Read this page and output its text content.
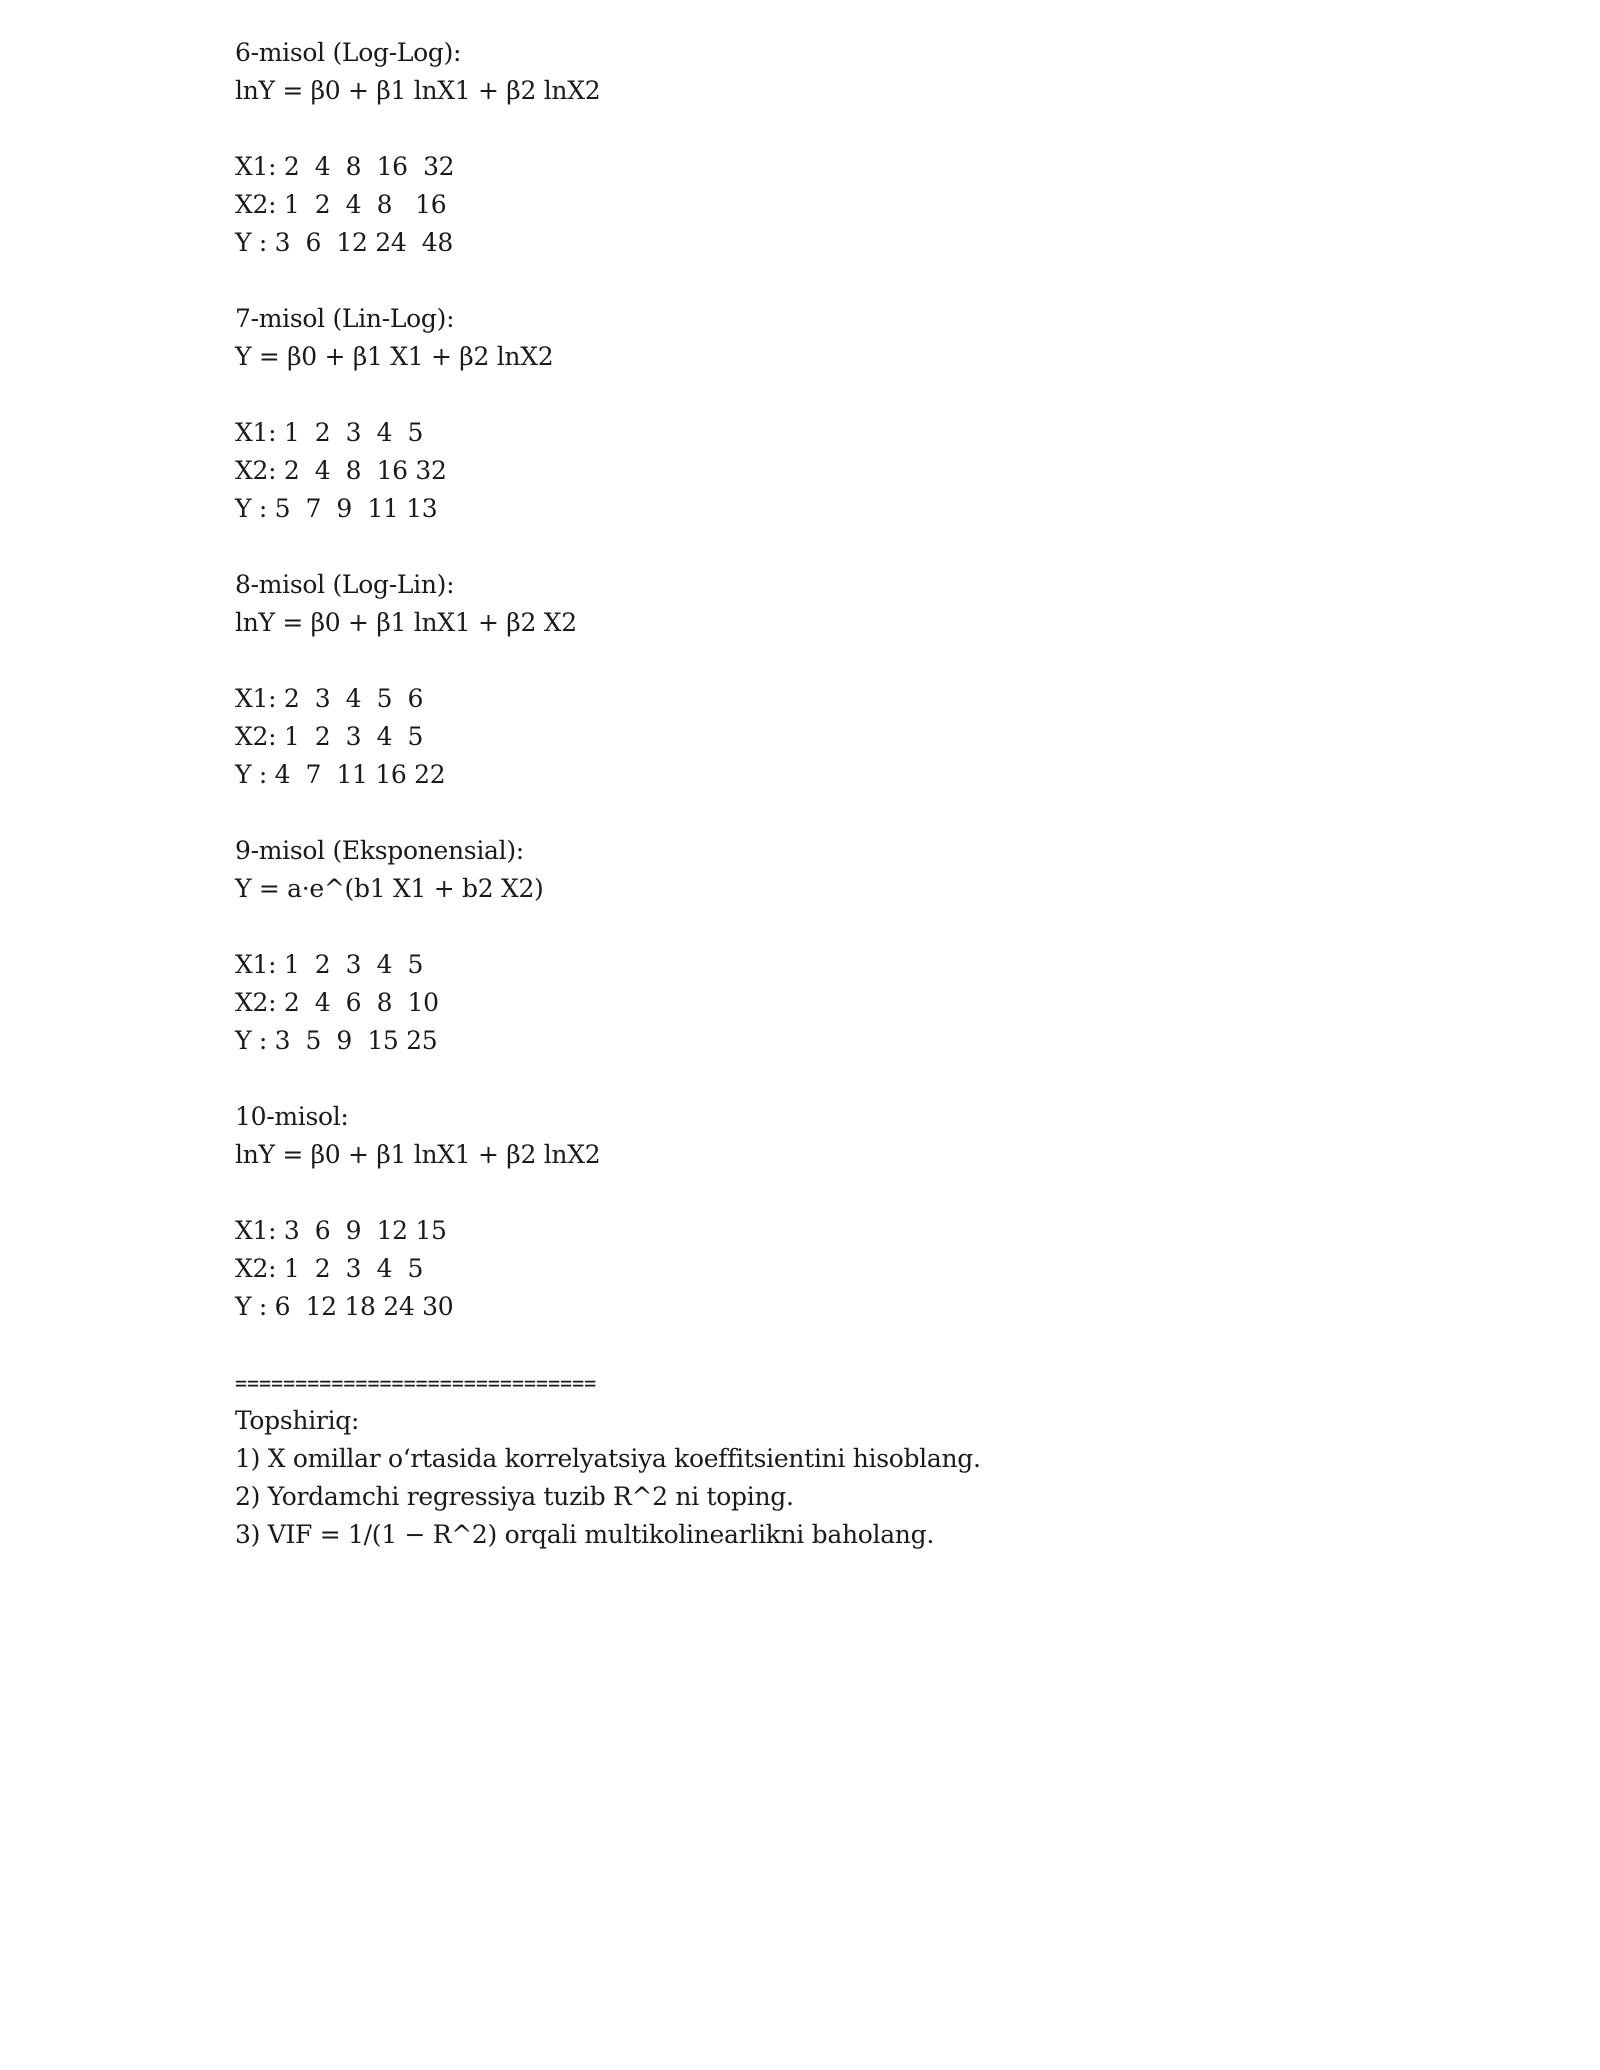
6-misol (Log-Log):
lnY = β0 + β1 lnX1 + β2 lnX2
X1: 2  4  8  16  32
X2: 1  2  4  8   16
Y : 3  6  12 24  48
7-misol (Lin-Log):
Y = β0 + β1 X1 + β2 lnX2
X1: 1  2  3  4  5
X2: 2  4  8  16 32
Y : 5  7  9  11 13
8-misol (Log-Lin):
lnY = β0 + β1 lnX1 + β2 X2
X1: 2  3  4  5  6
X2: 1  2  3  4  5
Y : 4  7  11 16 22
9-misol (Eksponensial):
Y = a·e^(b1 X1 + b2 X2)
X1: 1  2  3  4  5
X2: 2  4  6  8  10
Y : 3  5  9  15 25
10-misol:
lnY = β0 + β1 lnX1 + β2 lnX2
X1: 3  6  9  12 15
X2: 1  2  3  4  5
Y : 6  12 18 24 30
==============================
Topshiriq:
1) X omillar o‘rtasida korrelyatsiya koeffitsientini hisoblang.
2) Yordamchi regressiya tuzib R^2 ni toping.
3) VIF = 1/(1 − R^2) orqali multikolinearlikni baholang.
